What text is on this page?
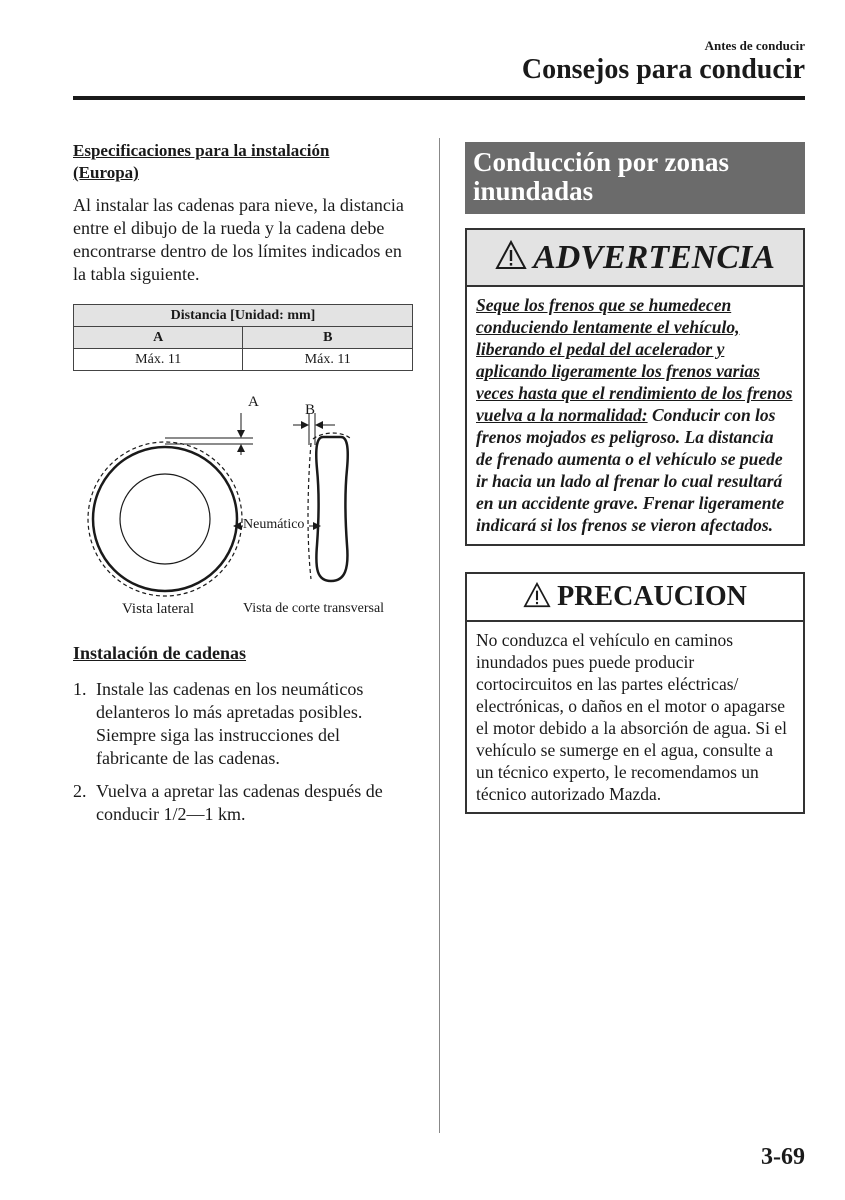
Antes de conducir
Consejos para conducir

Especificaciones para la instalación
(Europa)

Al instalar las cadenas para nieve, la distancia entre el dibujo de la rueda y la cadena debe encontrarse dentro de los límites indicados en la tabla siguiente.

Distancia [Unidad: mm]	
A	B
Máx. 11	Máx. 11
A	B
Neumático
Vista lateral	Vista de corte transversal

Instalación de cadenas

1. Instale las cadenas en los neumáticos delanteros lo más apretadas posibles. Siempre siga las instrucciones del fabricante de las cadenas.
2. Vuelva a apretar las cadenas después de conducir 1/2―1 km.
Conducción por zonas inundadas
ADVERTENCIA
Seque los frenos que se humedecen conduciendo lentamente el vehículo, liberando el pedal del acelerador y aplicando ligeramente los frenos varias veces hasta que el rendimiento de los frenos vuelva a la normalidad: Conducir con los frenos mojados es peligroso. La distancia de frenado aumenta o el vehículo se puede ir hacia un lado al frenar lo cual resultará en un accidente grave. Frenar ligeramente indicará si los frenos se vieron afectados.
PRECAUCION
No conduzca el vehículo en caminos inundados pues puede producir cortocircuitos en las partes eléctricas/ electrónicas, o daños en el motor o apagarse el motor debido a la absorción de agua. Si el vehículo se sumerge en el agua, consulte a un técnico experto, le recomendamos un técnico autorizado Mazda.
3-69
